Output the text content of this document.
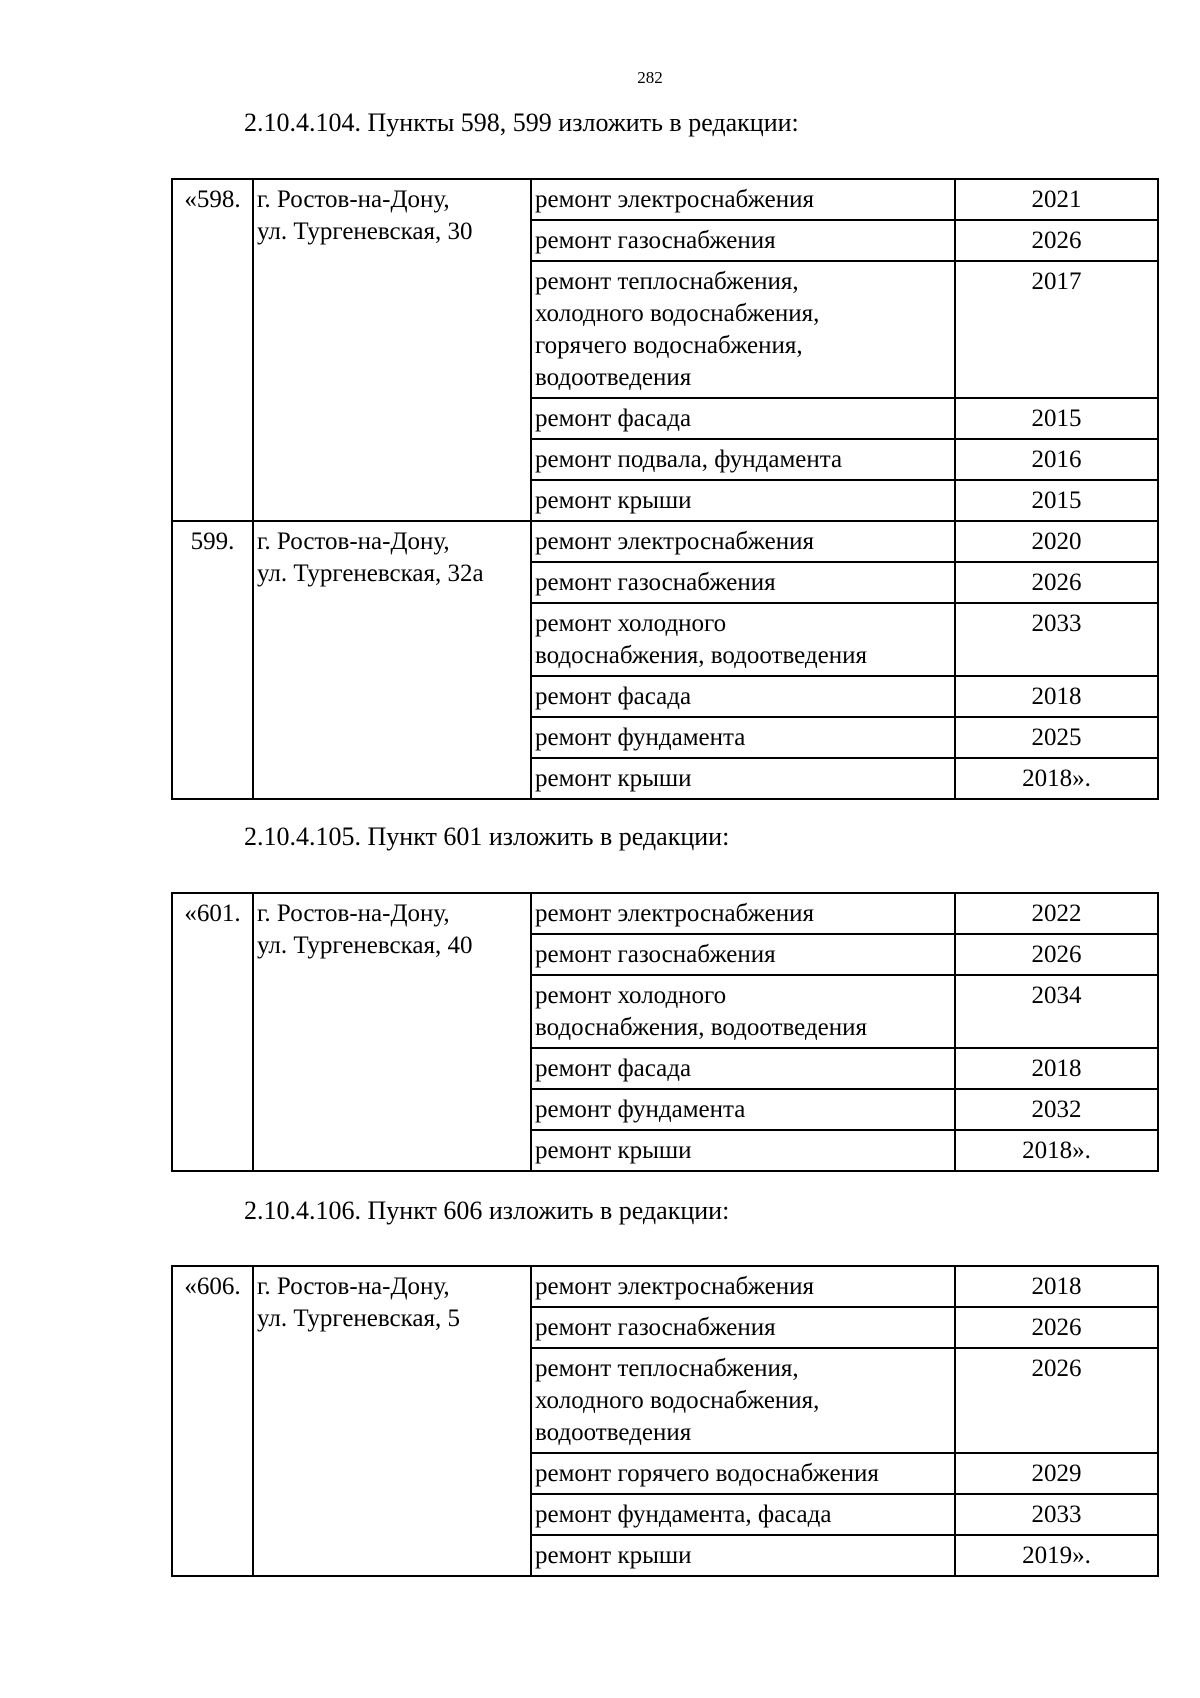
282
2.10.4.104. Пункты 598, 599 изложить в редакции:
«598.	г. Ростов-на-Дону,
ул. Тургеневская, 30	ремонт электроснабжения	2021

		ремонт газоснабжения	2026

		ремонт теплоснабжения,
холодного водоснабжения,
горячего водоснабжения,
водоотведения	2017

		ремонт фасада	2015

		ремонт подвала, фундамента	2016

		ремонт крыши	2015
599.	г. Ростов-на-Дону,
ул. Тургеневская, 32а	ремонт электроснабжения	2020

		ремонт газоснабжения	2026

		ремонт холодного
водоснабжения, водоотведения	2033

		ремонт фасада	2018

		ремонт фундамента	2025

		ремонт крыши	2018».
2.10.4.105. Пункт 601 изложить в редакции:
«601.	г. Ростов-на-Дону,
ул. Тургеневская, 40	ремонт электроснабжения	2022

		ремонт газоснабжения	2026

		ремонт холодного
водоснабжения, водоотведения	2034

		ремонт фасада	2018

		ремонт фундамента	2032

		ремонт крыши	2018».
2.10.4.106. Пункт 606 изложить в редакции:
«606.	г. Ростов-на-Дону,
ул. Тургеневская, 5	ремонт электроснабжения	2018

		ремонт газоснабжения	2026

		ремонт теплоснабжения,
холодного водоснабжения,
водоотведения	2026

		ремонт горячего водоснабжения	2029

		ремонт фундамента, фасада	2033

		ремонт крыши	2019».
